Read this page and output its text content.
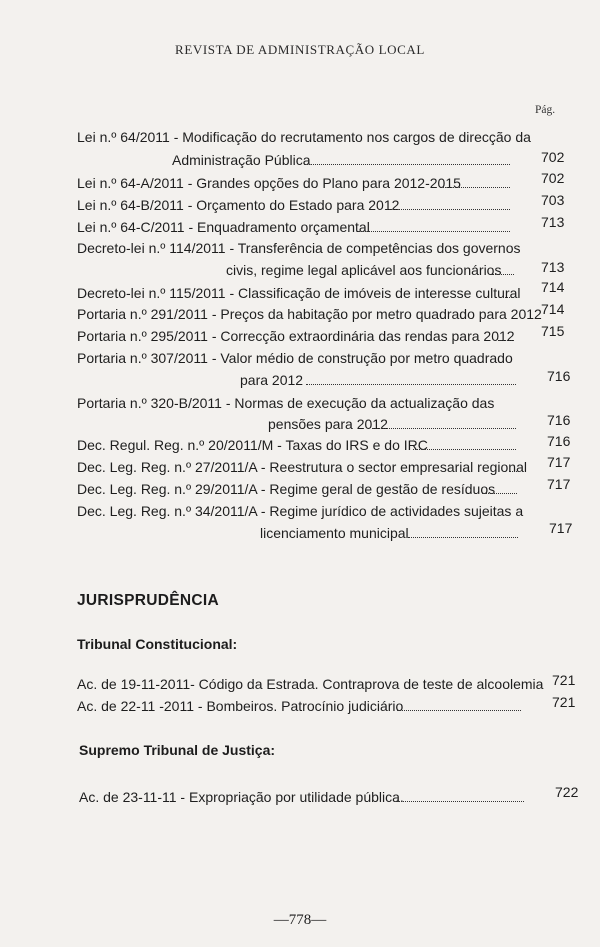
REVISTA DE ADMINISTRAÇÃO LOCAL
Pág.
Lei n.º 64/2011 - Modificação do recrutamento nos cargos de direcção da
Administração Pública	702
Lei n.º 64-A/2011 - Grandes opções do Plano para 2012-2015	702
Lei n.º 64-B/2011 - Orçamento do Estado para 2012	703
Lei n.º 64-C/2011 - Enquadramento orçamental	713
Decreto-lei n.º 114/2011 - Transferência de competências dos governos
civis, regime legal aplicável aos funcionários	713
Decreto-lei n.º 115/2011 - Classificação de imóveis de interesse cultural 714
Portaria n.º 291/2011 - Preços da habitação por metro quadrado para 2012 714
Portaria n.º 295/2011 - Correcção extraordinária das rendas para 2012 715
Portaria n.º 307/2011 - Valor médio de construção por metro quadrado
para 2012	716
Portaria n.º 320-B/2011 - Normas de execução da actualização das
pensões para 2012	716
Dec. Regul. Reg. n.º 20/2011/M - Taxas do IRS e do IRC	716
Dec. Leg. Reg. n.º 27/2011/A - Reestrutura o sector empresarial regional 717
Dec. Leg. Reg. n.º 29/2011/A - Regime geral de gestão de resíduos	717
Dec. Leg. Reg. n.º 34/2011/A - Regime jurídico de actividades sujeitas a
licenciamento municipal	717
JURISPRUDÊNCIA
Tribunal Constitucional:
Ac. de 19-11-2011- Código da Estrada. Contraprova de teste de alcoolemia 721
Ac. de 22-11 -2011 - Bombeiros. Patrocínio judiciário	721
Supremo Tribunal de Justiça:
Ac. de 23-11-11 - Expropriação por utilidade pública.	722
—778—
